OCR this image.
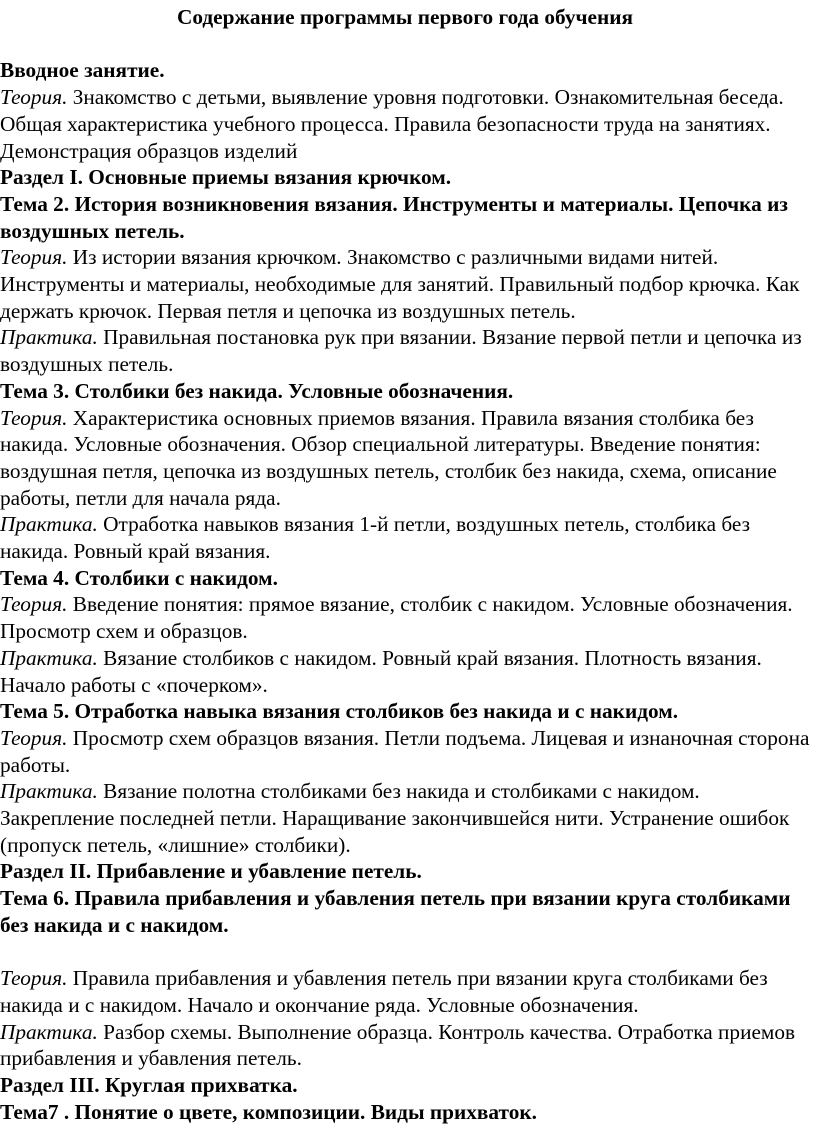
Содержание программы первого года обучения

Вводное занятие.

Теория. Знакомство с детьми, выявление уровня подготовки. Ознакомительная беседа. Общая характеристика учебного процесса. Правила безопасности труда на занятиях. Демонстрация образцов изделий

Раздел I. Основные приемы вязания крючком.

Тема 2. История возникновения вязания. Инструменты и материалы. Цепочка из воздушных петель.

Теория. Из истории вязания крючком. Знакомство с различными видами нитей. Инструменты и материалы, необходимые для занятий. Правильный подбор крючка. Как держать крючок. Первая петля и цепочка из воздушных петель.

Практика. Правильная постановка рук при вязании. Вязание первой петли и цепочка из воздушных петель.

Тема 3. Столбики без накида. Условные обозначения.

Теория. Характеристика основных приемов вязания. Правила вязания столбика без накида. Условные обозначения. Обзор специальной литературы. Введение понятия: воздушная петля, цепочка из воздушных петель, столбик без накида, схема, описание работы, петли для начала ряда.

Практика. Отработка навыков вязания 1-й петли, воздушных петель, столбика без накида. Ровный край вязания.

Тема 4. Столбики с накидом.

Теория. Введение понятия: прямое вязание, столбик с накидом. Условные обозначения. Просмотр схем и образцов.

Практика. Вязание столбиков с накидом. Ровный край вязания. Плотность вязания. Начало работы с «почерком».

Тема 5. Отработка навыка вязания столбиков без накида и с накидом.

Теория. Просмотр схем образцов вязания. Петли подъема. Лицевая и изнаночная сторона работы.

Практика. Вязание полотна столбиками без накида и столбиками с накидом. Закрепление последней петли. Наращивание закончившейся нити. Устранение ошибок (пропуск петель, «лишние» столбики).

Раздел II. Прибавление и убавление петель.

Тема 6. Правила прибавления и убавления петель при вязании круга столбиками без накида и с накидом.

Теория. Правила прибавления и убавления петель при вязании круга столбиками без накида и с накидом. Начало и окончание ряда. Условные обозначения.

Практика. Разбор схемы. Выполнение образца. Контроль качества. Отработка приемов прибавления и убавления петель.

Раздел III. Круглая прихватка.

Тема7 . Понятие о цвете, композиции. Виды прихваток.
